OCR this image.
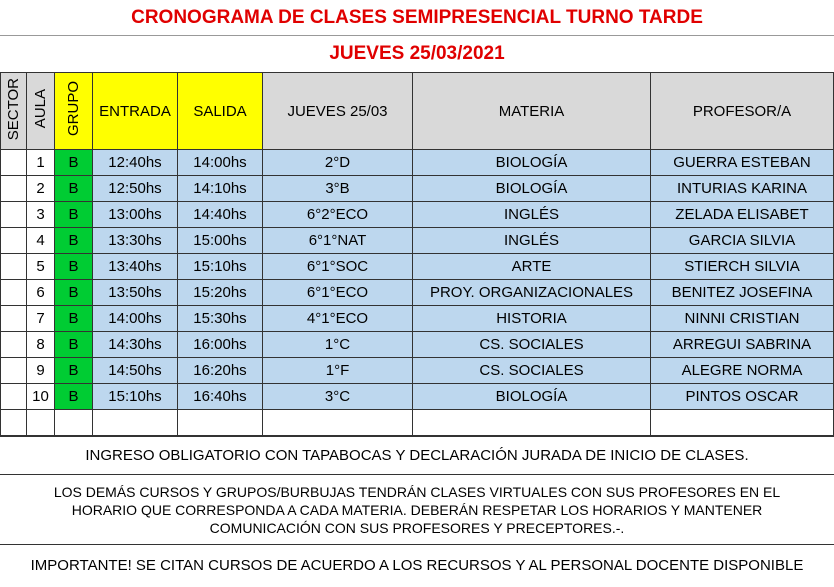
CRONOGRAMA DE CLASES SEMIPRESENCIAL TURNO TARDE
JUEVES 25/03/2021
SECTOR	AULA	GRUPO	ENTRADA	SALIDA	JUEVES 25/03	MATERIA	PROFESOR/A
	1	B	12:40hs	14:00hs	2°D	BIOLOGÍA	GUERRA ESTEBAN
	2	B	12:50hs	14:10hs	3°B	BIOLOGÍA	INTURIAS KARINA
	3	B	13:00hs	14:40hs	6°2°ECO	INGLÉS	ZELADA ELISABET
	4	B	13:30hs	15:00hs	6°1°NAT	INGLÉS	GARCIA SILVIA
	5	B	13:40hs	15:10hs	6°1°SOC	ARTE	STIERCH SILVIA
	6	B	13:50hs	15:20hs	6°1°ECO	PROY. ORGANIZACIONALES	BENITEZ JOSEFINA
	7	B	14:00hs	15:30hs	4°1°ECO	HISTORIA	NINNI CRISTIAN
	8	B	14:30hs	16:00hs	1°C	CS. SOCIALES	ARREGUI SABRINA
	9	B	14:50hs	16:20hs	1°F	CS. SOCIALES	ALEGRE NORMA
	10	B	15:10hs	16:40hs	3°C	BIOLOGÍA	PINTOS OSCAR

INGRESO OBLIGATORIO CON TAPABOCAS Y DECLARACIÓN JURADA DE INICIO DE CLASES.
LOS DEMÁS CURSOS Y GRUPOS/BURBUJAS TENDRÁN CLASES VIRTUALES CON SUS PROFESORES EN EL
HORARIO QUE CORRESPONDA A CADA MATERIA. DEBERÁN RESPETAR LOS HORARIOS Y MANTENER
COMUNICACIÓN CON SUS PROFESORES Y PRECEPTORES.-.
IMPORTANTE! SE CITAN CURSOS DE ACUERDO A LOS RECURSOS Y AL PERSONAL DOCENTE DISPONIBLE
